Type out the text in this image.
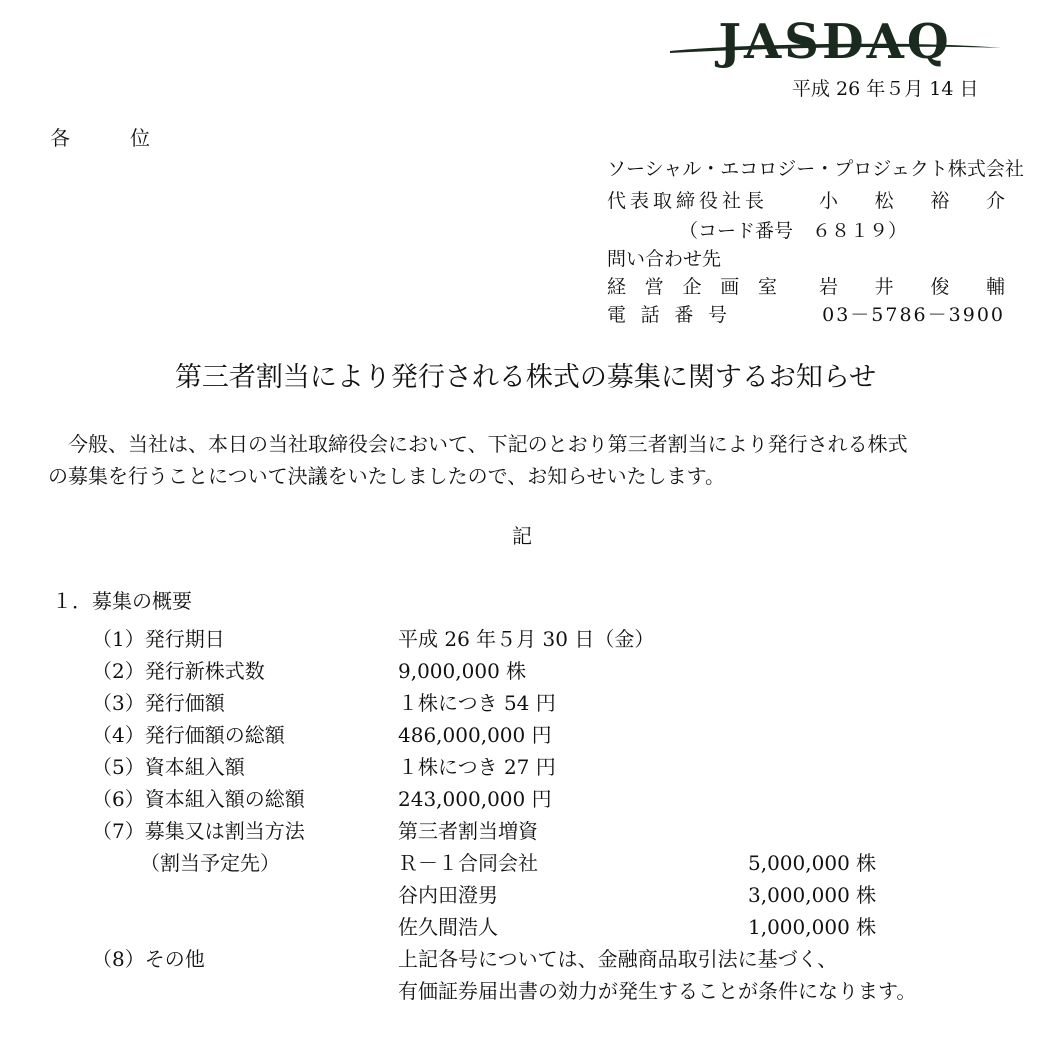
JASDAQ
平成 26 年５月 14 日
各	位
ソーシャル・エコロジー・プロジェクト株式会社
代表取締役社長	小 松 裕 介
（コード番号　６８１９）
問い合わせ先
経 営 企 画 室 岩 井 俊 輔
電 話 番 号	03－5786－3900
第三者割当により発行される株式の募集に関するお知らせ

　今般、当社は、本日の当社取締役会において、下記のとおり第三者割当により発行される株式

の募集を行うことについて決議をいたしましたので、お知らせいたします。

記
１．募集の概要
（1）発行期日	平成 26 年５月 30 日（金）
（2）発行新株式数	9,000,000 株
（3）発行価額	１株につき 54 円
（4）発行価額の総額	486,000,000 円
（5）資本組入額	１株につき 27 円
（6）資本組入額の総額	243,000,000 円
（7）募集又は割当方法	第三者割当増資
（割当予定先）	Ｒ－１合同会社	5,000,000 株
谷内田澄男	3,000,000 株
佐久間浩人	1,000,000 株
（8）その他	上記各号については、金融商品取引法に基づく、
有価証券届出書の効力が発生することが条件になります。
